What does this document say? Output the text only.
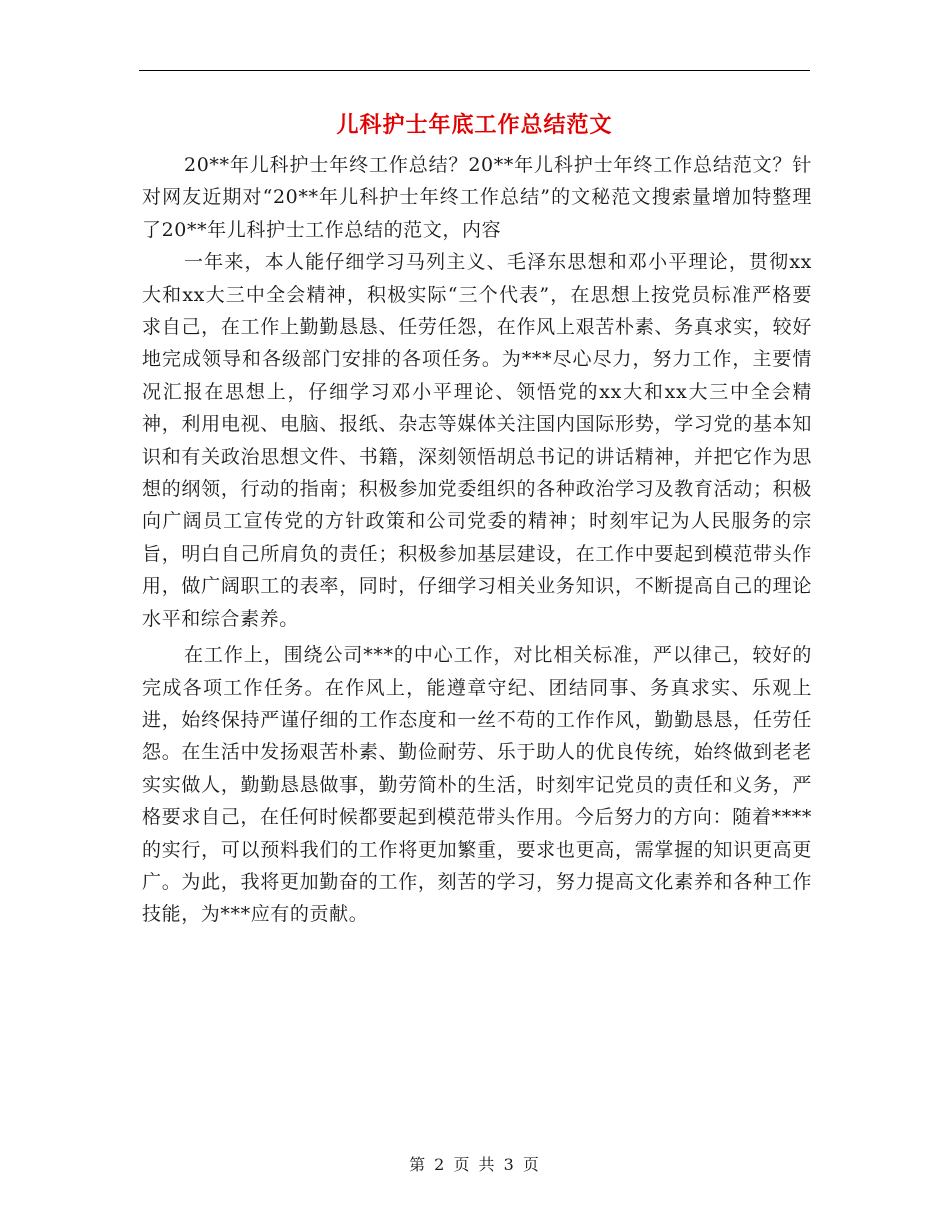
儿科护士年底工作总结范文

20**年儿科护士年终工作总结？20**年儿科护士年终工作总结范文？针对网友近期对“20**年儿科护士年终工作总结”的文秘范文搜索量增加特整理了20**年儿科护士工作总结的范文，内容

一年来，本人能仔细学习马列主义、毛泽东思想和邓小平理论，贯彻xx大和xx大三中全会精神，积极实际“三个代表”，在思想上按党员标准严格要求自己，在工作上勤勤恳恳、任劳任怨，在作风上艰苦朴素、务真求实，较好地完成领导和各级部门安排的各项任务。为***尽心尽力，努力工作，主要情况汇报在思想上，仔细学习邓小平理论、领悟党的xx大和xx大三中全会精神，利用电视、电脑、报纸、杂志等媒体关注国内国际形势，学习党的基本知识和有关政治思想文件、书籍，深刻领悟胡总书记的讲话精神，并把它作为思想的纲领，行动的指南；积极参加党委组织的各种政治学习及教育活动；积极向广阔员工宣传党的方针政策和公司党委的精神；时刻牢记为人民服务的宗旨，明白自己所肩负的责任；积极参加基层建设，在工作中要起到模范带头作用，做广阔职工的表率，同时，仔细学习相关业务知识，不断提高自己的理论水平和综合素养。

在工作上，围绕公司***的中心工作，对比相关标准，严以律己，较好的完成各项工作任务。在作风上，能遵章守纪、团结同事、务真求实、乐观上进，始终保持严谨仔细的工作态度和一丝不苟的工作作风，勤勤恳恳，任劳任怨。在生活中发扬艰苦朴素、勤俭耐劳、乐于助人的优良传统，始终做到老老实实做人，勤勤恳恳做事，勤劳简朴的生活，时刻牢记党员的责任和义务，严格要求自己，在任何时候都要起到模范带头作用。今后努力的方向：随着****的实行，可以预料我们的工作将更加繁重，要求也更高，需掌握的知识更高更广。为此，我将更加勤奋的工作，刻苦的学习，努力提高文化素养和各种工作技能，为***应有的贡献。

第 2 页 共 3 页
